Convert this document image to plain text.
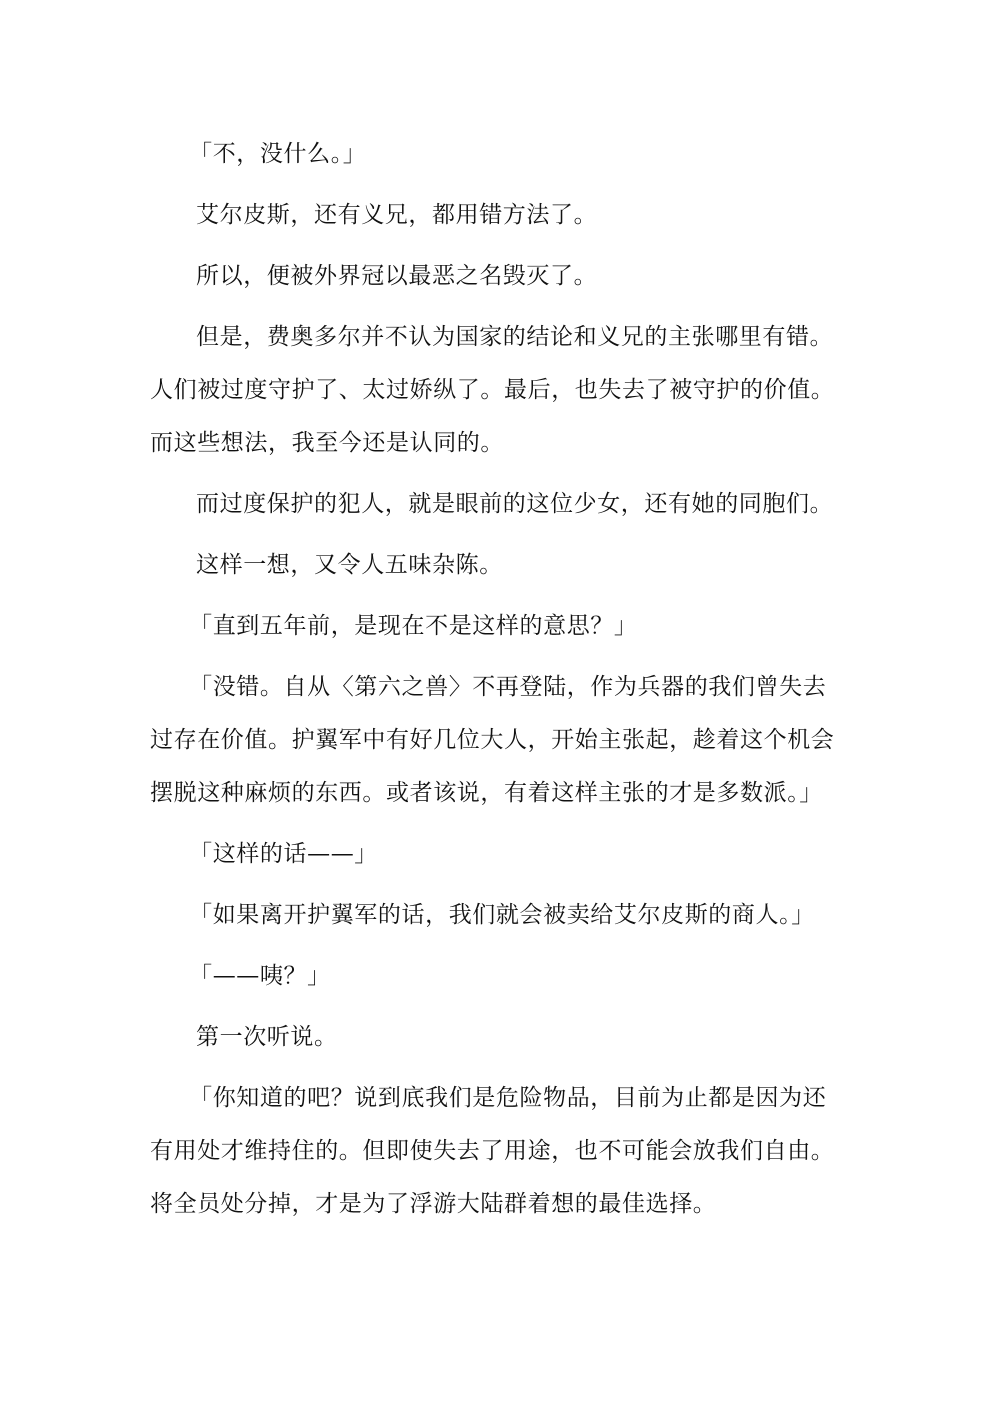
「不，没什么。」

艾尔皮斯，还有义兄，都用错方法了。

所以，便被外界冠以最恶之名毁灭了。

但是，费奥多尔并不认为国家的结论和义兄的主张哪里有错。人们被过度守护了、太过娇纵了。最后，也失去了被守护的价值。而这些想法，我至今还是认同的。

而过度保护的犯人，就是眼前的这位少女，还有她的同胞们。

这样一想，又令人五味杂陈。

「直到五年前，是现在不是这样的意思？」

「没错。自从〈第六之兽〉不再登陆，作为兵器的我们曾失去过存在价值。护翼军中有好几位大人，开始主张起，趁着这个机会摆脱这种麻烦的东西。或者该说，有着这样主张的才是多数派。」

「这样的话——」

「如果离开护翼军的话，我们就会被卖给艾尔皮斯的商人。」

「——咦？」

第一次听说。

「你知道的吧？说到底我们是危险物品，目前为止都是因为还有用处才维持住的。但即使失去了用途，也不可能会放我们自由。将全员处分掉，才是为了浮游大陆群着想的最佳选择。
